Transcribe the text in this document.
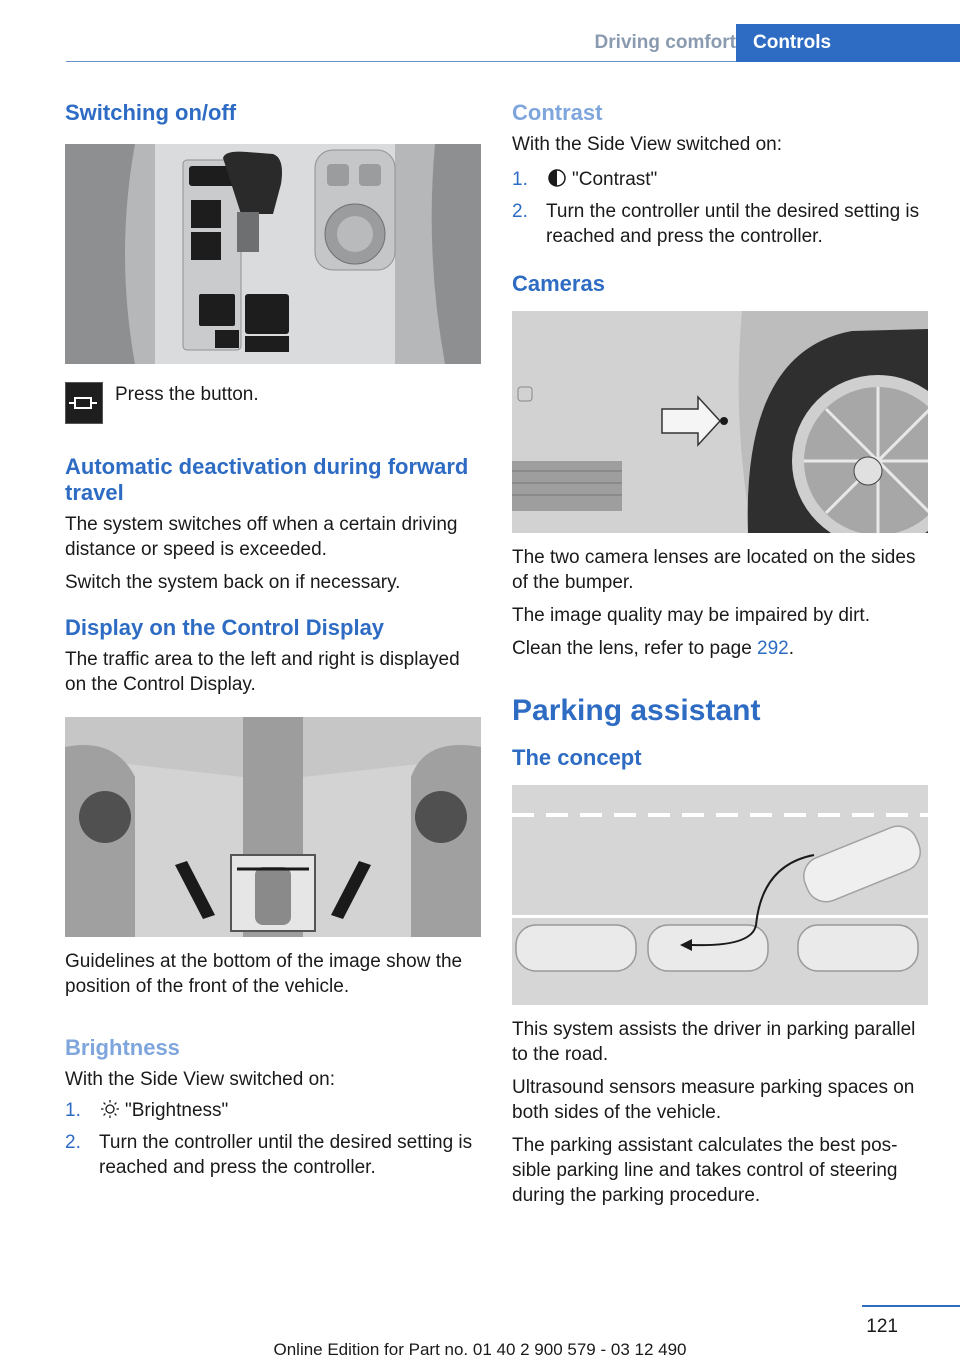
Driving comfort Controls
Switching on/off

Press the button.

Automatic deactivation during forward travel

The system switches off when a certain driving distance or speed is exceeded.

Switch the system back on if necessary.

Display on the Control Display

The traffic area to the left and right is displayed on the Control Display.

Guidelines at the bottom of the image show the position of the front of the vehicle.

Brightness

With the Side View switched on:

1. "Brightness"
2. Turn the controller until the desired setting is reached and press the controller.
Contrast

With the Side View switched on:

1. "Contrast"
2. Turn the controller until the desired setting is reached and press the controller.
Cameras

The two camera lenses are located on the sides of the bumper.

The image quality may be impaired by dirt.

Clean the lens, refer to page 292.

Parking assistant
The concept

This system assists the driver in parking parallel to the road.

Ultrasound sensors measure parking spaces on both sides of the vehicle.

The parking assistant calculates the best pos‐sible parking line and takes control of steering during the parking procedure.

121
Online Edition for Part no. 01 40 2 900 579 - 03 12 490
